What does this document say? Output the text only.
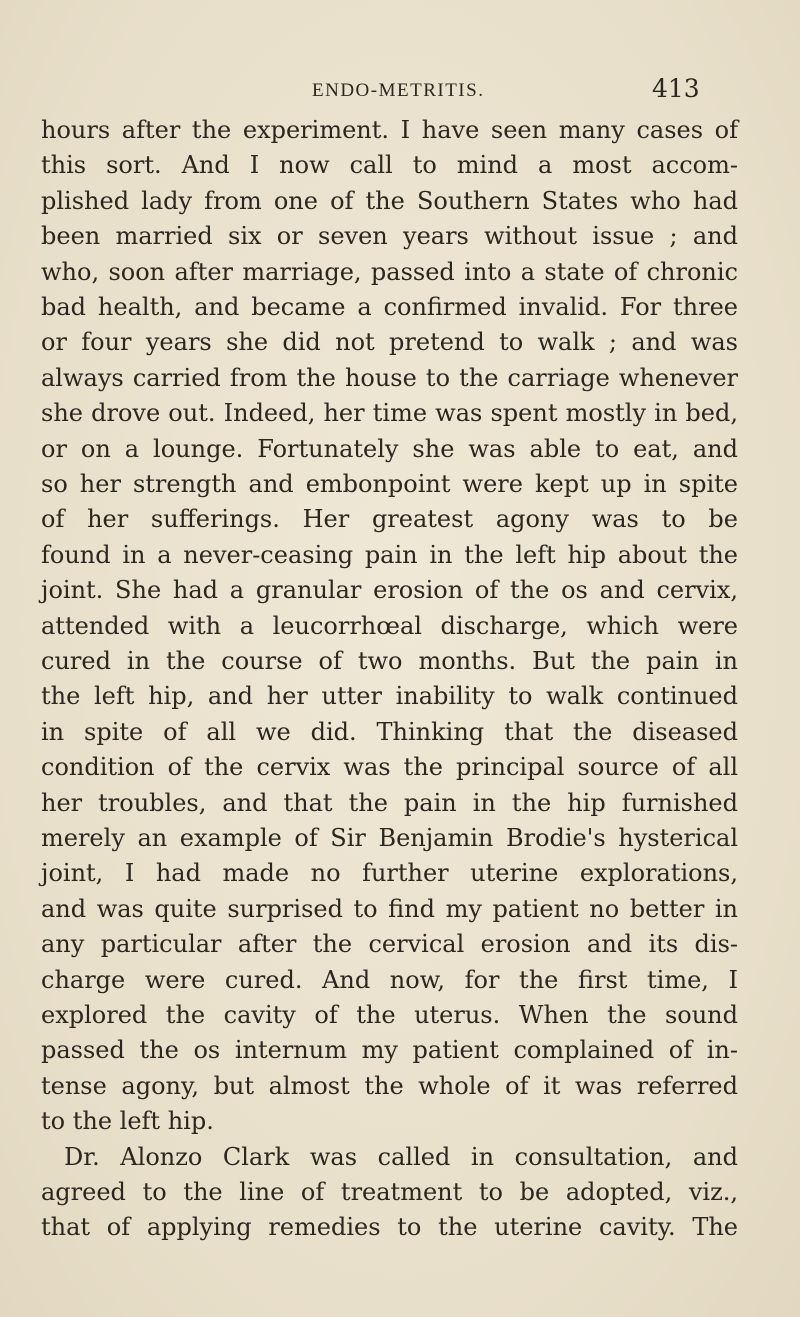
ENDO-METRITIS.	413
hours after the experiment. I have seen many cases of
this sort. And I now call to mind a most accom-
plished lady from one of the Southern States who had
been married six or seven years without issue ; and
who, soon after marriage, passed into a state of chronic
bad health, and became a confirmed invalid. For three
or four years she did not pretend to walk ; and was
always carried from the house to the carriage whenever
she drove out. Indeed, her time was spent mostly in bed,
or on a lounge. Fortunately she was able to eat, and
so her strength and embonpoint were kept up in spite
of her sufferings. Her greatest agony was to be
found in a never-ceasing pain in the left hip about the
joint. She had a granular erosion of the os and cervix,
attended with a leucorrhœal discharge, which were
cured in the course of two months. But the pain in
the left hip, and her utter inability to walk continued
in spite of all we did. Thinking that the diseased
condition of the cervix was the principal source of all
her troubles, and that the pain in the hip furnished
merely an example of Sir Benjamin Brodie's hysterical
joint, I had made no further uterine explorations,
and was quite surprised to find my patient no better in
any particular after the cervical erosion and its dis-
charge were cured. And now, for the first time, I
explored the cavity of the uterus. When the sound
passed the os internum my patient complained of in-
tense agony, but almost the whole of it was referred
to the left hip.
Dr. Alonzo Clark was called in consultation, and
agreed to the line of treatment to be adopted, viz.,
that of applying remedies to the uterine cavity. The
